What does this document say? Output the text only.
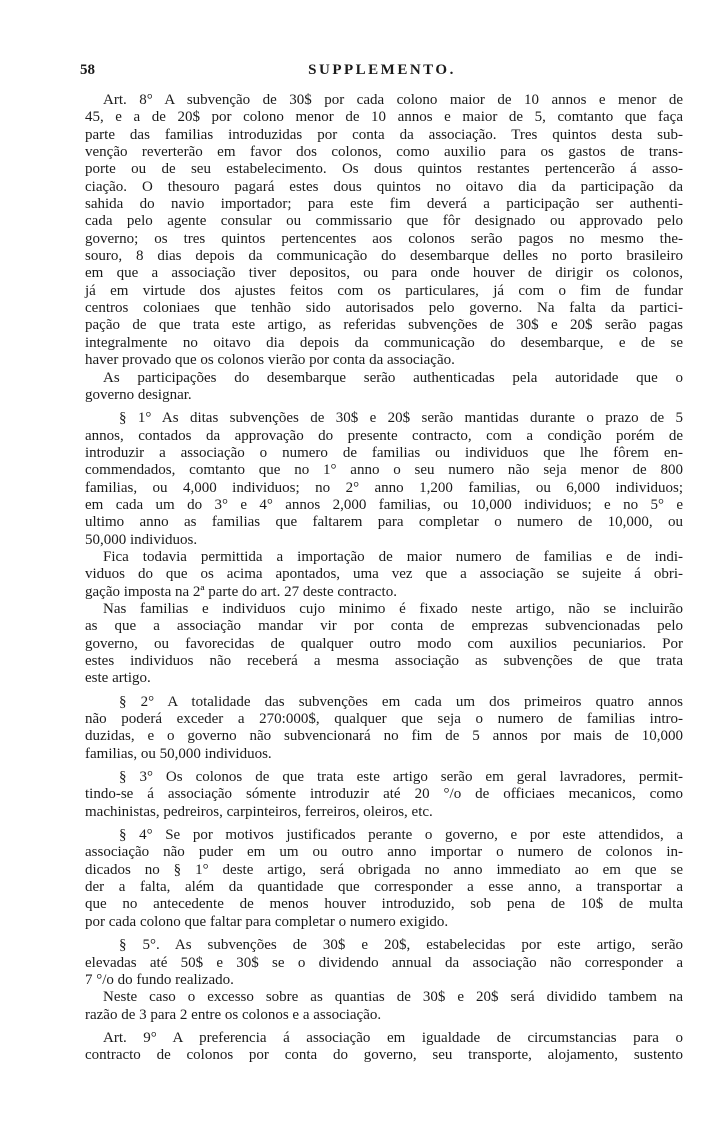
58	SUPPLEMENTO.
Art. 8° A subvenção de 30$ por cada colono maior de 10 annos e menor de
45, e a de 20$ por colono menor de 10 annos e maior de 5, comtanto que faça
parte das familias introduzidas por conta da associação. Tres quintos desta sub-
venção reverterão em favor dos colonos, como auxilio para os gastos de trans-
porte ou de seu estabelecimento. Os dous quintos restantes pertencerão á asso-
ciação. O thesouro pagará estes dous quintos no oitavo dia da participação da
sahida do navio importador; para este fim deverá a participação ser authenti-
cada pelo agente consular ou commissario que fôr designado ou approvado pelo
governo; os tres quintos pertencentes aos colonos serão pagos no mesmo the-
souro, 8 dias depois da communicação do desembarque delles no porto brasileiro
em que a associação tiver depositos, ou para onde houver de dirigir os colonos,
já em virtude dos ajustes feitos com os particulares, já com o fim de fundar
centros coloniaes que tenhão sido autorisados pelo governo. Na falta da partici-
pação de que trata este artigo, as referidas subvenções de 30$ e 20$ serão pagas
integralmente no oitavo dia depois da communicação do desembarque, e de se
haver provado que os colonos vierão por conta da associação.
As participações do desembarque serão authenticadas pela autoridade que o
governo designar.
§ 1° As ditas subvenções de 30$ e 20$ serão mantidas durante o prazo de 5
annos, contados da approvação do presente contracto, com a condição porém de
introduzir a associação o numero de familias ou individuos que lhe fôrem en-
commendados, comtanto que no 1° anno o seu numero não seja menor de 800
familias, ou 4,000 individuos; no 2° anno 1,200 familias, ou 6,000 individuos;
em cada um do 3° e 4° annos 2,000 familias, ou 10,000 individuos; e no 5° e
ultimo anno as familias que faltarem para completar o numero de 10,000, ou
50,000 individuos.
Fica todavia permittida a importação de maior numero de familias e de indi-
viduos do que os acima apontados, uma vez que a associação se sujeite á obri-
gação imposta na 2ª parte do art. 27 deste contracto.
Nas familias e individuos cujo minimo é fixado neste artigo, não se incluirão
as que a associação mandar vir por conta de emprezas subvencionadas pelo
governo, ou favorecidas de qualquer outro modo com auxilios pecuniarios. Por
estes individuos não receberá a mesma associação as subvenções de que trata
este artigo.
§ 2° A totalidade das subvenções em cada um dos primeiros quatro annos
não poderá exceder a 270:000$, qualquer que seja o numero de familias intro-
duzidas, e o governo não subvencionará no fim de 5 annos por mais de 10,000
familias, ou 50,000 individuos.
§ 3° Os colonos de que trata este artigo serão em geral lavradores, permit-
tindo-se á associação sómente introduzir até 20 °/o de officiaes mecanicos, como
machinistas, pedreiros, carpinteiros, ferreiros, oleiros, etc.
§ 4° Se por motivos justificados perante o governo, e por este attendidos, a
associação não puder em um ou outro anno importar o numero de colonos in-
dicados no § 1° deste artigo, será obrigada no anno immediato ao em que se
der a falta, além da quantidade que corresponder a esse anno, a transportar a
que no antecedente de menos houver introduzido, sob pena de 10$ de multa
por cada colono que faltar para completar o numero exigido.
§ 5°. As subvenções de 30$ e 20$, estabelecidas por este artigo, serão
elevadas até 50$ e 30$ se o dividendo annual da associação não corresponder a
7 °/o do fundo realizado.
Neste caso o excesso sobre as quantias de 30$ e 20$ será dividido tambem na
razão de 3 para 2 entre os colonos e a associação.
Art. 9° A preferencia á associação em igualdade de circumstancias para o
contracto de colonos por conta do governo, seu transporte, alojamento, sustento
